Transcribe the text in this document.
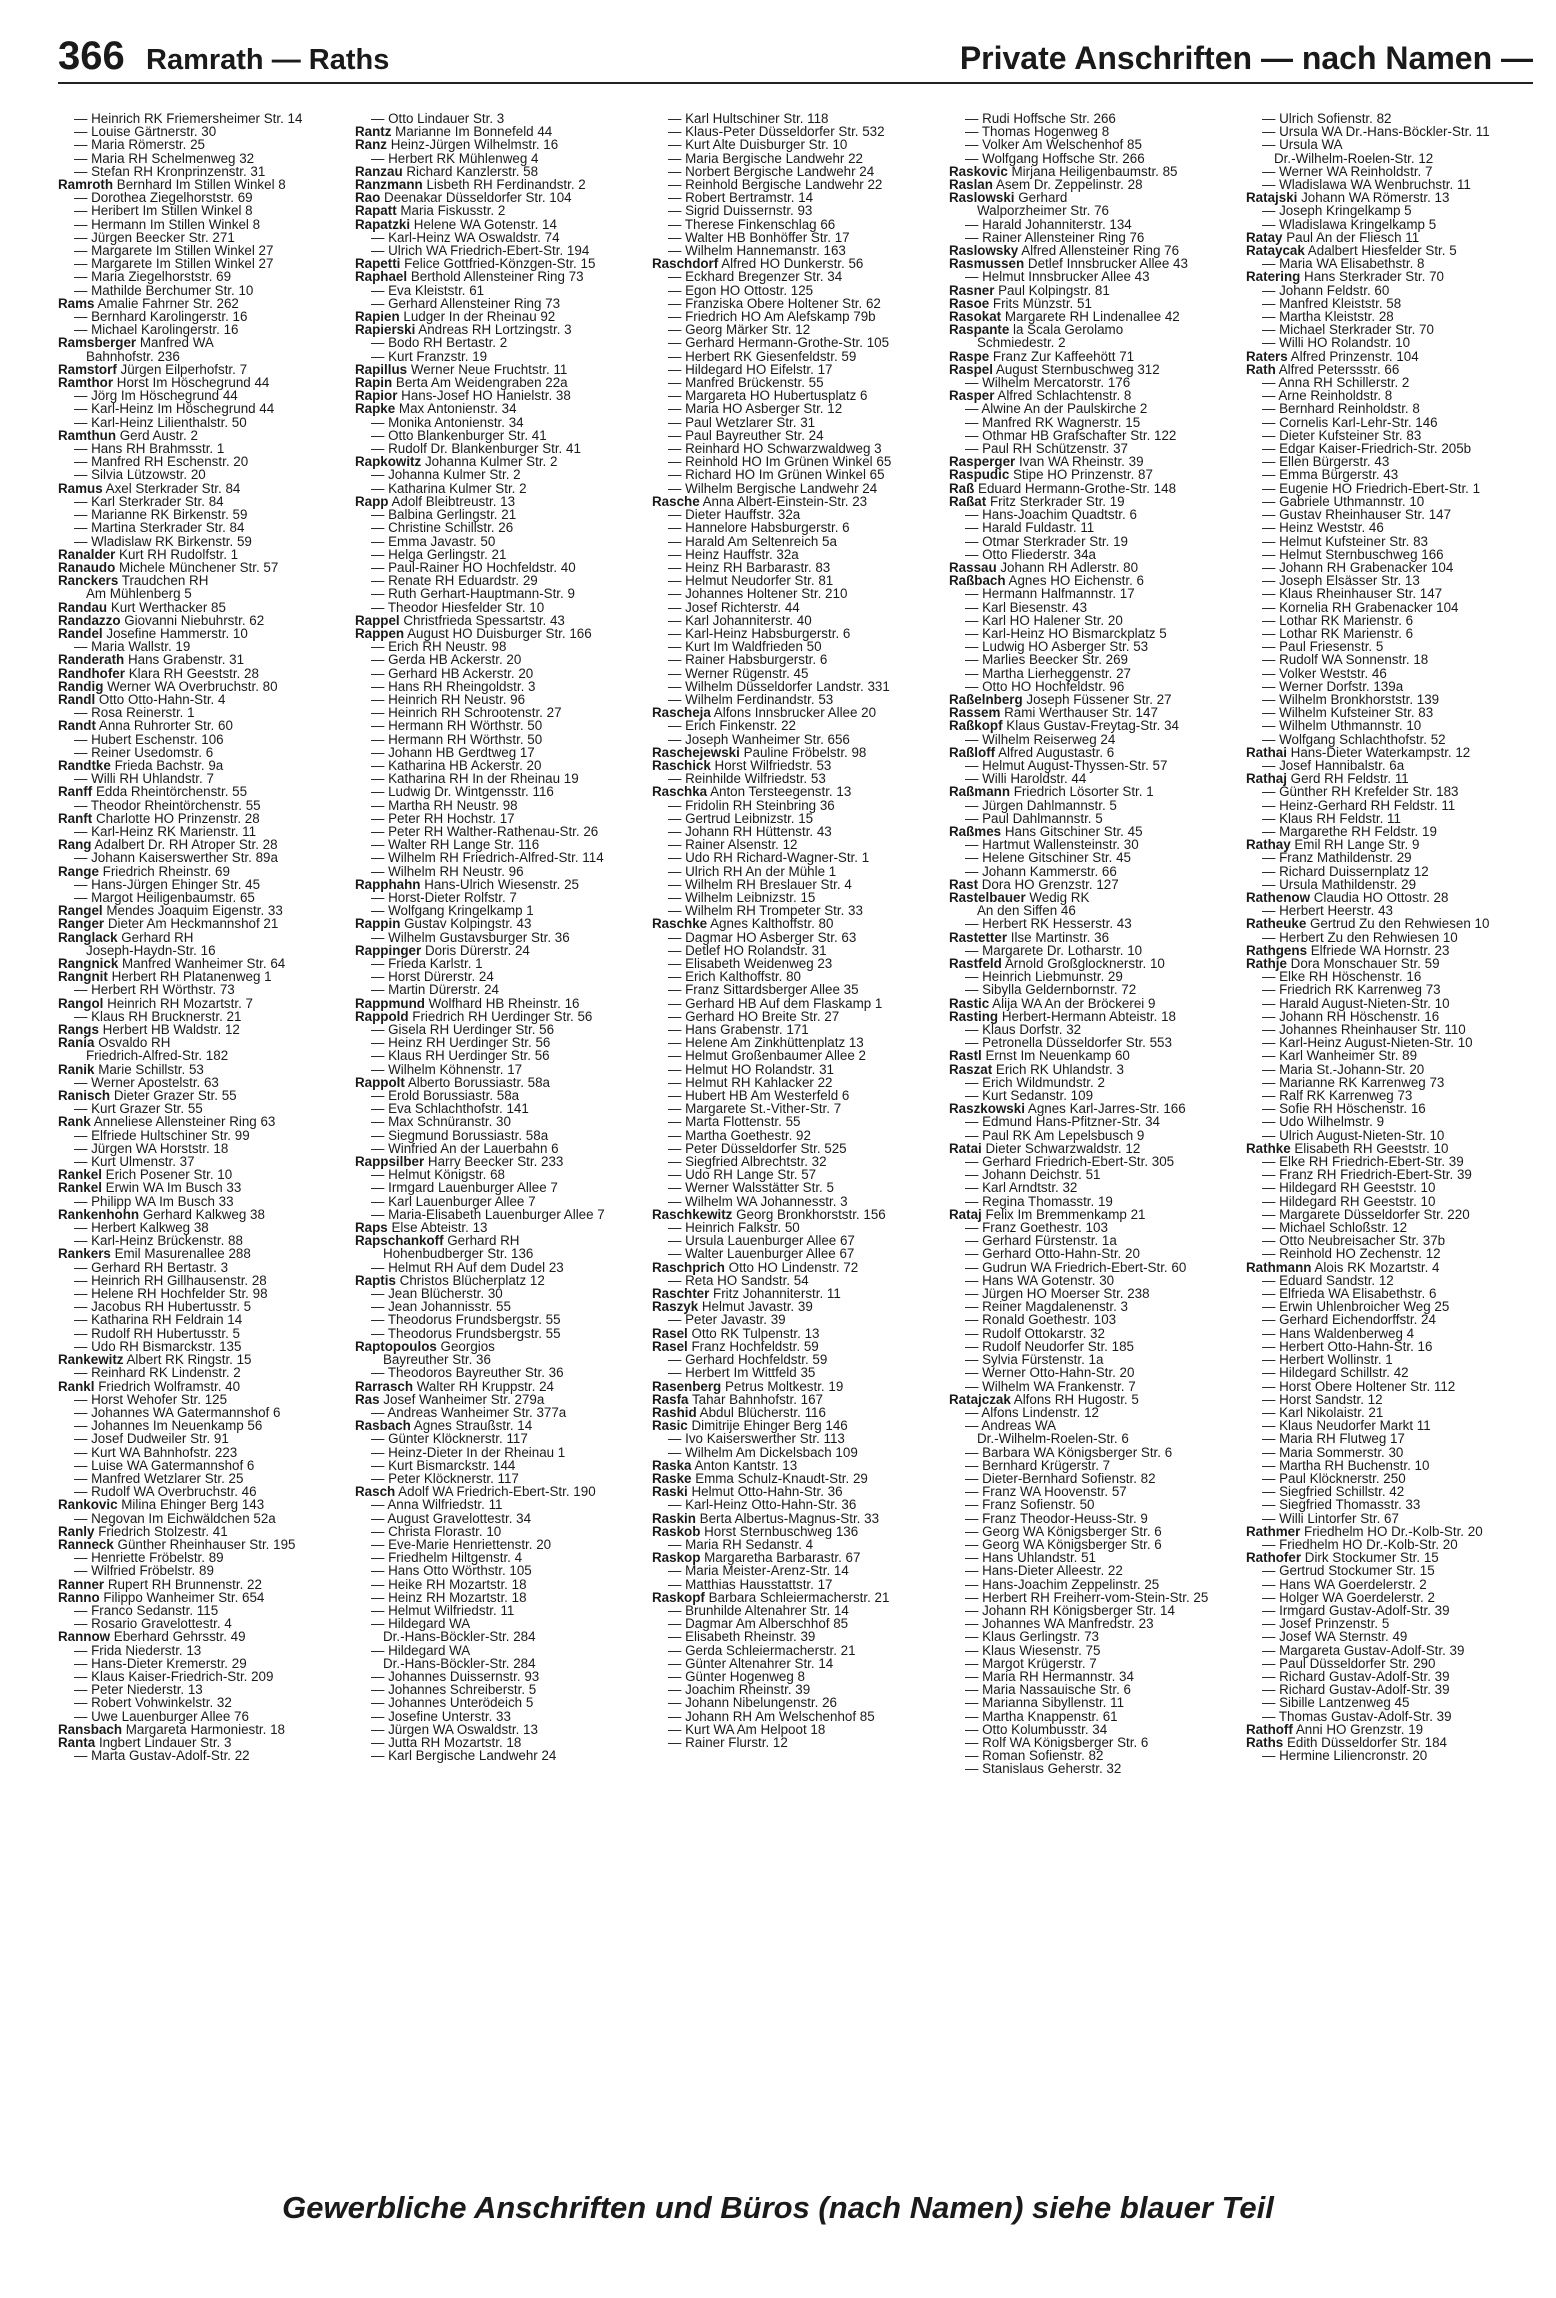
366 Ramrath — Raths	Private Anschriften — nach Namen —
— Heinrich RK Friemersheimer Str. 14
— Louise Gärtnerstr. 30
— Maria Römerstr. 25
— Maria RH Schelmenweg 32
— Stefan RH Kronprinzenstr. 31
Ramroth Bernhard Im Stillen Winkel 8
— Dorothea Ziegelhorststr. 69
— Heribert Im Stillen Winkel 8
— Hermann Im Stillen Winkel 8
— Jürgen Beecker Str. 271
— Margarete Im Stillen Winkel 27
— Margarete Im Stillen Winkel 27
— Maria Ziegelhorststr. 69
— Mathilde Berchumer Str. 10
Rams Amalie Fahrner Str. 262
— Bernhard Karolingerstr. 16
— Michael Karolingerstr. 16
Ramsberger Manfred WA
Bahnhofstr. 236
Ramstorf Jürgen Eilperhofstr. 7
Ramthor Horst Im Höschegrund 44
— Jörg Im Höschegrund 44
— Karl-Heinz Im Höschegrund 44
— Karl-Heinz Lilienthalstr. 50
Ramthun Gerd Austr. 2
— Hans RH Brahmsstr. 1
— Manfred RH Eschenstr. 20
— Silvia Lützowstr. 20
Ramus Axel Sterkrader Str. 84
— Karl Sterkrader Str. 84
— Marianne RK Birkenstr. 59
— Martina Sterkrader Str. 84
— Wladislaw RK Birkenstr. 59
Ranalder Kurt RH Rudolfstr. 1
Ranaudo Michele Münchener Str. 57
Ranckers Traudchen RH
Am Mühlenberg 5
Randau Kurt Werthacker 85
Randazzo Giovanni Niebuhrstr. 62
Randel Josefine Hammerstr. 10
— Maria Wallstr. 19
Randerath Hans Grabenstr. 31
Randhofer Klara RH Geeststr. 28
Randig Werner WA Overbruchstr. 80
Randl Otto Otto-Hahn-Str. 4
— Rosa Reinerstr. 1
Randt Anna Ruhrorter Str. 60
— Hubert Eschenstr. 106
— Reiner Usedomstr. 6
Randtke Frieda Bachstr. 9a
— Willi RH Uhlandstr. 7
Ranff Edda Rheintörchenstr. 55
— Theodor Rheintörchenstr. 55
Ranft Charlotte HO Prinzenstr. 28
— Karl-Heinz RK Marienstr. 11
Rang Adalbert Dr. RH Atroper Str. 28
— Johann Kaiserswerther Str. 89a
Range Friedrich Rheinstr. 69
— Hans-Jürgen Ehinger Str. 45
— Margot Heiligenbaumstr. 65
Rangel Mendes Joaquim Eigenstr. 33
Ranger Dieter Am Heckmannshof 21
Ranglack Gerhard RH
Joseph-Haydn-Str. 16
Rangnick Manfred Wanheimer Str. 64
Rangnit Herbert RH Platanenweg 1
— Herbert RH Wörthstr. 73
Rangol Heinrich RH Mozartstr. 7
— Klaus RH Brucknerstr. 21
Rangs Herbert HB Waldstr. 12
Rania Osvaldo RH
Friedrich-Alfred-Str. 182
Ranik Marie Schillstr. 53
— Werner Apostelstr. 63
Ranisch Dieter Grazer Str. 55
— Kurt Grazer Str. 55
Rank Anneliese Allensteiner Ring 63
— Elfriede Hultschiner Str. 99
— Jürgen WA Horststr. 18
— Kurt Ulmenstr. 37
Rankel Erich Posener Str. 10
Rankel Erwin WA Im Busch 33
— Philipp WA Im Busch 33
Rankenhohn Gerhard Kalkweg 38
— Herbert Kalkweg 38
— Karl-Heinz Brückenstr. 88
Rankers Emil Masurenallee 288
— Gerhard RH Bertastr. 3
— Heinrich RH Gillhausenstr. 28
— Helene RH Hochfelder Str. 98
— Jacobus RH Hubertusstr. 5
— Katharina RH Feldrain 14
— Rudolf RH Hubertusstr. 5
— Udo RH Bismarckstr. 135
Rankewitz Albert RK Ringstr. 15
— Reinhard RK Lindenstr. 2
Rankl Friedrich Wolframstr. 40
— Horst Wehofer Str. 125
— Johannes WA Gatermannshof 6
— Johannes Im Neuenkamp 56
— Josef Dudweiler Str. 91
— Kurt WA Bahnhofstr. 223
— Luise WA Gatermannshof 6
— Manfred Wetzlarer Str. 25
— Rudolf WA Overbruchstr. 46
Rankovic Milina Ehinger Berg 143
— Negovan Im Eichwäldchen 52a
Ranly Friedrich Stolzestr. 41
Ranneck Günther Rheinhauser Str. 195
— Henriette Fröbelstr. 89
— Wilfried Fröbelstr. 89
Ranner Rupert RH Brunnenstr. 22
Ranno Filippo Wanheimer Str. 654
— Franco Sedanstr. 115
— Rosario Gravelottestr. 4
Rannow Eberhard Gehrsstr. 49
— Frida Niederstr. 13
— Hans-Dieter Kremerstr. 29
— Klaus Kaiser-Friedrich-Str. 209
— Peter Niederstr. 13
— Robert Vohwinkelstr. 32
— Uwe Lauenburger Allee 76
Ransbach Margareta Harmoniestr. 18
Ranta Ingbert Lindauer Str. 3
— Marta Gustav-Adolf-Str. 22
— Otto Lindauer Str. 3
Rantz Marianne Im Bonnefeld 44
Ranz Heinz-Jürgen Wilhelmstr. 16
— Herbert RK Mühlenweg 4
Ranzau Richard Kanzlerstr. 58
Ranzmann Lisbeth RH Ferdinandstr. 2
Rao Deenakar Düsseldorfer Str. 104
Rapatt Maria Fiskusstr. 2
Rapatzki Helene WA Gotenstr. 14
— Karl-Heinz WA Oswaldstr. 74
— Ulrich WA Friedrich-Ebert-Str. 194
Rapetti Felice Gottfried-Könzgen-Str. 15
Raphael Berthold Allensteiner Ring 73
— Eva Kleiststr. 61
— Gerhard Allensteiner Ring 73
Rapien Ludger In der Rheinau 92
Rapierski Andreas RH Lortzingstr. 3
— Bodo RH Bertastr. 2
— Kurt Franzstr. 19
Rapillus Werner Neue Fruchtstr. 11
Rapin Berta Am Weidengraben 22a
Rapior Hans-Josef HO Hanielstr. 38
Rapke Max Antonienstr. 34
— Monika Antonienstr. 34
— Otto Blankenburger Str. 41
— Rudolf Dr. Blankenburger Str. 41
Rapkowitz Johanna Kulmer Str. 2
— Johanna Kulmer Str. 2
— Katharina Kulmer Str. 2
Rapp Adolf Bleibtreustr. 13
— Balbina Gerlingstr. 21
— Christine Schillstr. 26
— Emma Javastr. 50
— Helga Gerlingstr. 21
— Paul-Rainer HO Hochfeldstr. 40
— Renate RH Eduardstr. 29
— Ruth Gerhart-Hauptmann-Str. 9
— Theodor Hiesfelder Str. 10
Rappel Christfrieda Spessartstr. 43
Rappen August HO Duisburger Str. 166
— Erich RH Neustr. 98
— Gerda HB Ackerstr. 20
— Gerhard HB Ackerstr. 20
— Hans RH Rheingoldstr. 3
— Heinrich RH Neustr. 96
— Heinrich RH Schrootenstr. 27
— Hermann RH Wörthstr. 50
— Hermann RH Wörthstr. 50
— Johann HB Gerdtweg 17
— Katharina HB Ackerstr. 20
— Katharina RH In der Rheinau 19
— Ludwig Dr. Wintgensstr. 116
— Martha RH Neustr. 98
— Peter RH Hochstr. 17
— Peter RH Walther-Rathenau-Str. 26
— Walter RH Lange Str. 116
— Wilhelm RH Friedrich-Alfred-Str. 114
— Wilhelm RH Neustr. 96
Rapphahn Hans-Ulrich Wiesenstr. 25
— Horst-Dieter Rolfstr. 7
— Wolfgang Kringelkamp 1
Rappin Gustav Kolpingstr. 43
— Wilhelm Gustavsburger Str. 36
Rappinger Doris Dürerstr. 24
— Frieda Karlstr. 1
— Horst Dürerstr. 24
— Martin Dürerstr. 24
Rappmund Wolfhard HB Rheinstr. 16
Rappold Friedrich RH Uerdinger Str. 56
— Gisela RH Uerdinger Str. 56
— Heinz RH Uerdinger Str. 56
— Klaus RH Uerdinger Str. 56
— Wilhelm Köhnenstr. 17
Rappolt Alberto Borussiastr. 58a
— Erold Borussiastr. 58a
— Eva Schlachthofstr. 141
— Max Schnüranstr. 30
— Siegmund Borussiastr. 58a
— Winfried An der Lauerbahn 6
Rappsilber Harry Beecker Str. 233
— Helmut Königstr. 68
— Irmgard Lauenburger Allee 7
— Karl Lauenburger Allee 7
— Maria-Elisabeth Lauenburger Allee 7
Raps Else Abteistr. 13
Rapschankoff Gerhard RH
Hohenbudberger Str. 136
— Helmut RH Auf dem Dudel 23
Raptis Christos Blücherplatz 12
— Jean Blücherstr. 30
— Jean Johannisstr. 55
— Theodorus Frundsbergstr. 55
— Theodorus Frundsbergstr. 55
Raptopoulos Georgios
Bayreuther Str. 36
— Theodoros Bayreuther Str. 36
Rarrasch Walter RH Kruppstr. 24
Ras Josef Wanheimer Str. 279a
— Andreas Wanheimer Str. 377a
Rasbach Agnes Straußstr. 14
— Günter Klöcknerstr. 117
— Heinz-Dieter In der Rheinau 1
— Kurt Bismarckstr. 144
— Peter Klöcknerstr. 117
Rasch Adolf WA Friedrich-Ebert-Str. 190
— Anna Wilfriedstr. 11
— August Gravelottestr. 34
— Christa Florastr. 10
— Eve-Marie Henriettenstr. 20
— Friedhelm Hiltgenstr. 4
— Hans Otto Wörthstr. 105
— Heike RH Mozartstr. 18
— Heinz RH Mozartstr. 18
— Helmut Wilfriedstr. 11
— Hildegard WA
Dr.-Hans-Böckler-Str. 284
— Hildegard WA
Dr.-Hans-Böckler-Str. 284
— Johannes Duissernstr. 93
— Johannes Schreiberstr. 5
— Johannes Unterödeich 5
— Josefine Unterstr. 33
— Jürgen WA Oswaldstr. 13
— Jutta RH Mozartstr. 18
— Karl Bergische Landwehr 24
— Karl Hultschiner Str. 118
— Klaus-Peter Düsseldorfer Str. 532
— Kurt Alte Duisburger Str. 10
— Maria Bergische Landwehr 22
— Norbert Bergische Landwehr 24
— Reinhold Bergische Landwehr 22
— Robert Bertramstr. 14
— Sigrid Duissernstr. 93
— Therese Finkenschlag 66
— Walter HB Bonhöffer Str. 17
— Wilhelm Hannemanstr. 163
Raschdorf Alfred HO Dunkerstr. 56
— Eckhard Bregenzer Str. 34
— Egon HO Ottostr. 125
— Franziska Obere Holtener Str. 62
— Friedrich HO Am Alefskamp 79b
— Georg Märker Str. 12
— Gerhard Hermann-Grothe-Str. 105
— Herbert RK Giesenfeldstr. 59
— Hildegard HO Eifelstr. 17
— Manfred Brückenstr. 55
— Margareta HO Hubertusplatz 6
— Maria HO Asberger Str. 12
— Paul Wetzlarer Str. 31
— Paul Bayreuther Str. 24
— Reinhard HO Schwarzwaldweg 3
— Reinhold HO Im Grünen Winkel 65
— Richard HO Im Grünen Winkel 65
— Wilhelm Bergische Landwehr 24
Rasche Anna Albert-Einstein-Str. 23
— Dieter Hauffstr. 32a
— Hannelore Habsburgerstr. 6
— Harald Am Seltenreich 5a
— Heinz Hauffstr. 32a
— Heinz RH Barbarastr. 83
— Helmut Neudorfer Str. 81
— Johannes Holtener Str. 210
— Josef Richterstr. 44
— Karl Johanniterstr. 40
— Karl-Heinz Habsburgerstr. 6
— Kurt Im Waldfrieden 50
— Rainer Habsburgerstr. 6
— Werner Rügenstr. 45
— Wilhelm Düsseldorfer Landstr. 331
— Wilhelm Ferdinandstr. 53
Rascheja Alfons Innsbrucker Allee 20
— Erich Finkenstr. 22
— Joseph Wanheimer Str. 656
Raschejewski Pauline Fröbelstr. 98
Raschick Horst Wilfriedstr. 53
— Reinhilde Wilfriedstr. 53
Raschka Anton Tersteegenstr. 13
— Fridolin RH Steinbring 36
— Gertrud Leibnizstr. 15
— Johann RH Hüttenstr. 43
— Rainer Alsenstr. 12
— Udo RH Richard-Wagner-Str. 1
— Ulrich RH An der Mühle 1
— Wilhelm RH Breslauer Str. 4
— Wilhelm Leibnizstr. 15
— Wilhelm RH Trompeter Str. 33
Raschke Agnes Kalthoffstr. 80
— Dagmar HO Asberger Str. 63
— Detlef HO Rolandstr. 31
— Elisabeth Weidenweg 23
— Erich Kalthoffstr. 80
— Franz Sittardsberger Allee 35
— Gerhard HB Auf dem Flaskamp 1
— Gerhard HO Breite Str. 27
— Hans Grabenstr. 171
— Helene Am Zinkhüttenplatz 13
— Helmut Großenbaumer Allee 2
— Helmut HO Rolandstr. 31
— Helmut RH Kahlacker 22
— Hubert HB Am Westerfeld 6
— Margarete St.-Vither-Str. 7
— Marta Flottenstr. 55
— Martha Goethestr. 92
— Peter Düsseldorfer Str. 525
— Siegfried Albrechtstr. 32
— Udo RH Lange Str. 57
— Werner Walsstätter Str. 5
— Wilhelm WA Johannesstr. 3
Raschkewitz Georg Bronkhorststr. 156
— Heinrich Falkstr. 50
— Ursula Lauenburger Allee 67
— Walter Lauenburger Allee 67
Raschprich Otto HO Lindenstr. 72
— Reta HO Sandstr. 54
Raschter Fritz Johanniterstr. 11
Raszyk Helmut Javastr. 39
— Peter Javastr. 39
Rasel Otto RK Tulpenstr. 13
Rasel Franz Hochfeldstr. 59
— Gerhard Hochfeldstr. 59
— Herbert Im Wittfeld 35
Rasenberg Petrus Moltkestr. 19
Rasfa Tahar Bahnhofstr. 167
Rashid Abdul Blücherstr. 116
Rasic Dimitrije Ehinger Berg 146
— Ivo Kaiserswerther Str. 113
— Wilhelm Am Dickelsbach 109
Raska Anton Kantstr. 13
Raske Emma Schulz-Knaudt-Str. 29
Raski Helmut Otto-Hahn-Str. 36
— Karl-Heinz Otto-Hahn-Str. 36
Raskin Berta Albertus-Magnus-Str. 33
Raskob Horst Sternbuschweg 136
— Maria RH Sedanstr. 4
Raskop Margaretha Barbarastr. 67
— Maria Meister-Arenz-Str. 14
— Matthias Hausstattstr. 17
Raskopf Barbara Schleiermacherstr. 21
— Brunhilde Altenahrer Str. 14
— Dagmar Am Alberschhof 85
— Elisabeth Rheinstr. 39
— Gerda Schleiermacherstr. 21
— Günter Altenahrer Str. 14
— Günter Hogenweg 8
— Joachim Rheinstr. 39
— Johann Nibelungenstr. 26
— Johann RH Am Welschenhof 85
— Kurt WA Am Helpoot 18
— Rainer Flurstr. 12
— Rudi Hoffsche Str. 266
— Thomas Hogenweg 8
— Volker Am Welschenhof 85
— Wolfgang Hoffsche Str. 266
Raskovic Mirjana Heiligenbaumstr. 85
Raslan Asem Dr. Zeppelinstr. 28
Raslowski Gerhard
Walporzheimer Str. 76
— Harald Johanniterstr. 134
— Rainer Allensteiner Ring 76
Raslowsky Alfred Allensteiner Ring 76
Rasmussen Detlef Innsbrucker Allee 43
— Helmut Innsbrucker Allee 43
Rasner Paul Kolpingstr. 81
Rasoe Frits Münzstr. 51
Rasokat Margarete RH Lindenallee 42
Raspante la Scala Gerolamo
Schmiedestr. 2
Raspe Franz Zur Kaffeehött 71
Raspel August Sternbuschweg 312
— Wilhelm Mercatorstr. 176
Rasper Alfred Schlachtenstr. 8
— Alwine An der Paulskirche 2
— Manfred RK Wagnerstr. 15
— Othmar HB Grafschafter Str. 122
— Paul RH Schützenstr. 37
Rasperger Ivan WA Rheinstr. 39
Raspudic Stipe HO Prinzenstr. 87
Raß Eduard Hermann-Grothe-Str. 148
Raßat Fritz Sterkrader Str. 19
— Hans-Joachim Quadtstr. 6
— Harald Fuldastr. 11
— Otmar Sterkrader Str. 19
— Otto Fliederstr. 34a
Rassau Johann RH Adlerstr. 80
Raßbach Agnes HO Eichenstr. 6
— Hermann Halfmannstr. 17
— Karl Biesenstr. 43
— Karl HO Halener Str. 20
— Karl-Heinz HO Bismarckplatz 5
— Ludwig HO Asberger Str. 53
— Marlies Beecker Str. 269
— Martha Lierheggenstr. 27
— Otto HO Hochfeldstr. 96
Raßelnberg Joseph Füssener Str. 27
Rassem Rami Werthauser Str. 147
Raßkopf Klaus Gustav-Freytag-Str. 34
— Wilhelm Reiserweg 24
Raßloff Alfred Augustastr. 6
— Helmut August-Thyssen-Str. 57
— Willi Haroldstr. 44
Raßmann Friedrich Lösorter Str. 1
— Jürgen Dahlmannstr. 5
— Paul Dahlmannstr. 5
Raßmes Hans Gitschiner Str. 45
— Hartmut Wallensteinstr. 30
— Helene Gitschiner Str. 45
— Johann Kammerstr. 66
Rast Dora HO Grenzstr. 127
Rastelbauer Wedig RK
An den Siffen 46
— Herbert RK Hesserstr. 43
Rastetter Ilse Martinstr. 36
— Margarete Dr. Lotharstr. 10
Rastfeld Arnold Großglocknerstr. 10
— Heinrich Liebmunstr. 29
— Sibylla Geldernbornstr. 72
Rastic Alija WA An der Bröckerei 9
Rasting Herbert-Hermann Abteistr. 18
— Klaus Dorfstr. 32
— Petronella Düsseldorfer Str. 553
Rastl Ernst Im Neuenkamp 60
Raszat Erich RK Uhlandstr. 3
— Erich Wildmundstr. 2
— Kurt Sedanstr. 109
Raszkowski Agnes Karl-Jarres-Str. 166
— Edmund Hans-Pfitzner-Str. 34
— Paul RK Am Lepelsbusch 9
Ratai Dieter Schwarzwaldstr. 12
— Gerhard Friedrich-Ebert-Str. 305
— Johann Deichstr. 51
— Karl Arndtstr. 32
— Regina Thomasstr. 19
Rataj Felix Im Bremmenkamp 21
— Franz Goethestr. 103
— Gerhard Fürstenstr. 1a
— Gerhard Otto-Hahn-Str. 20
— Gudrun WA Friedrich-Ebert-Str. 60
— Hans WA Gotenstr. 30
— Jürgen HO Moerser Str. 238
— Reiner Magdalenenstr. 3
— Ronald Goethestr. 103
— Rudolf Ottokarstr. 32
— Rudolf Neudorfer Str. 185
— Sylvia Fürstenstr. 1a
— Werner Otto-Hahn-Str. 20
— Wilhelm WA Frankenstr. 7
Ratajczak Alfons RH Hugostr. 5
— Alfons Lindenstr. 12
— Andreas WA
Dr.-Wilhelm-Roelen-Str. 6
— Barbara WA Königsberger Str. 6
— Bernhard Krügerstr. 7
— Dieter-Bernhard Sofienstr. 82
— Franz WA Hoovenstr. 57
— Franz Sofienstr. 50
— Franz Theodor-Heuss-Str. 9
— Georg WA Königsberger Str. 6
— Georg WA Königsberger Str. 6
— Hans Uhlandstr. 51
— Hans-Dieter Alleestr. 22
— Hans-Joachim Zeppelinstr. 25
— Herbert RH Freiherr-vom-Stein-Str. 25
— Johann RH Königsberger Str. 14
— Johannes WA Manfredstr. 23
— Klaus Gerlingstr. 73
— Klaus Wiesenstr. 75
— Margot Krügerstr. 7
— Maria RH Hermannstr. 34
— Maria Nassauische Str. 6
— Marianna Sibyllenstr. 11
— Martha Knappenstr. 61
— Otto Kolumbusstr. 34
— Rolf WA Königsberger Str. 6
— Roman Sofienstr. 82
— Stanislaus Geherstr. 32
— Ulrich Sofienstr. 82
— Ursula WA Dr.-Hans-Böckler-Str. 11
— Ursula WA
Dr.-Wilhelm-Roelen-Str. 12
— Werner WA Reinholdstr. 7
— Wladislawa WA Wenbruchstr. 11
Ratajski Johann WA Römerstr. 13
— Joseph Kringelkamp 5
— Wladislawa Kringelkamp 5
Ratay Paul An der Fliesch 11
Rataycak Adalbert Hiesfelder Str. 5
— Maria WA Elisabethstr. 8
Ratering Hans Sterkrader Str. 70
— Johann Feldstr. 60
— Manfred Kleiststr. 58
— Martha Kleiststr. 28
— Michael Sterkrader Str. 70
— Willi HO Rolandstr. 10
Raters Alfred Prinzenstr. 104
Rath Alfred Peterssstr. 66
— Anna RH Schillerstr. 2
— Arne Reinholdstr. 8
— Bernhard Reinholdstr. 8
— Cornelis Karl-Lehr-Str. 146
— Dieter Kufsteiner Str. 83
— Edgar Kaiser-Friedrich-Str. 205b
— Ellen Bürgerstr. 43
— Emma Bürgerstr. 43
— Eugenie HO Friedrich-Ebert-Str. 1
— Gabriele Uthmannstr. 10
— Gustav Rheinhauser Str. 147
— Heinz Weststr. 46
— Helmut Kufsteiner Str. 83
— Helmut Sternbuschweg 166
— Johann RH Grabenacker 104
— Joseph Elsässer Str. 13
— Klaus Rheinhauser Str. 147
— Kornelia RH Grabenacker 104
— Lothar RK Marienstr. 6
— Lothar RK Marienstr. 6
— Paul Friesenstr. 5
— Rudolf WA Sonnenstr. 18
— Volker Weststr. 46
— Werner Dorfstr. 139a
— Wilhelm Bronkhorststr. 139
— Wilhelm Kufsteiner Str. 83
— Wilhelm Uthmannstr. 10
— Wolfgang Schlachthofstr. 52
Rathai Hans-Dieter Waterkampstr. 12
— Josef Hannibalstr. 6a
Rathaj Gerd RH Feldstr. 11
— Günther RH Krefelder Str. 183
— Heinz-Gerhard RH Feldstr. 11
— Klaus RH Feldstr. 11
— Margarethe RH Feldstr. 19
Rathay Emil RH Lange Str. 9
— Franz Mathildenstr. 29
— Richard Duissernplatz 12
— Ursula Mathildenstr. 29
Rathenow Claudia HO Ottostr. 28
— Herbert Heerstr. 43
Ratheuke Gertrud Zu den Rehwiesen 10
— Herbert Zu den Rehwiesen 10
Rathgens Elfriede WA Hornstr. 23
Rathje Dora Monschauer Str. 59
— Elke RH Höschenstr. 16
— Friedrich RK Karrenweg 73
— Harald August-Nieten-Str. 10
— Johann RH Höschenstr. 16
— Johannes Rheinhauser Str. 110
— Karl-Heinz August-Nieten-Str. 10
— Karl Wanheimer Str. 89
— Maria St.-Johann-Str. 20
— Marianne RK Karrenweg 73
— Ralf RK Karrenweg 73
— Sofie RH Höschenstr. 16
— Udo Wilhelmstr. 9
— Ulrich August-Nieten-Str. 10
Rathke Elisabeth RH Geeststr. 10
— Elke RH Friedrich-Ebert-Str. 39
— Franz RH Friedrich-Ebert-Str. 39
— Hildegard RH Geeststr. 10
— Hildegard RH Geeststr. 10
— Margarete Düsseldorfer Str. 220
— Michael Schloßstr. 12
— Otto Neubreisacher Str. 37b
— Reinhold HO Zechenstr. 12
Rathmann Alois RK Mozartstr. 4
— Eduard Sandstr. 12
— Elfrieda WA Elisabethstr. 6
— Erwin Uhlenbroicher Weg 25
— Gerhard Eichendorffstr. 24
— Hans Waldenberweg 4
— Herbert Otto-Hahn-Str. 16
— Herbert Wollinstr. 1
— Hildegard Schillstr. 42
— Horst Obere Holtener Str. 112
— Horst Sandstr. 12
— Karl Nikolaistr. 21
— Klaus Neudorfer Markt 11
— Maria RH Flutweg 17
— Maria Sommerstr. 30
— Martha RH Buchenstr. 10
— Paul Klöcknerstr. 250
— Siegfried Schillstr. 42
— Siegfried Thomasstr. 33
— Willi Lintorfer Str. 67
Rathmer Friedhelm HO Dr.-Kolb-Str. 20
— Friedhelm HO Dr.-Kolb-Str. 20
Rathofer Dirk Stockumer Str. 15
— Gertrud Stockumer Str. 15
— Hans WA Goerdelerstr. 2
— Holger WA Goerdelerstr. 2
— Irmgard Gustav-Adolf-Str. 39
— Josef Prinzenstr. 5
— Josef WA Sternstr. 49
— Margareta Gustav-Adolf-Str. 39
— Paul Düsseldorfer Str. 290
— Richard Gustav-Adolf-Str. 39
— Richard Gustav-Adolf-Str. 39
— Sibille Lantzenweg 45
— Thomas Gustav-Adolf-Str. 39
Rathoff Anni HO Grenzstr. 19
Raths Edith Düsseldorfer Str. 184
— Hermine Liliencronstr. 20
Gewerbliche Anschriften und Büros (nach Namen) siehe blauer Teil
